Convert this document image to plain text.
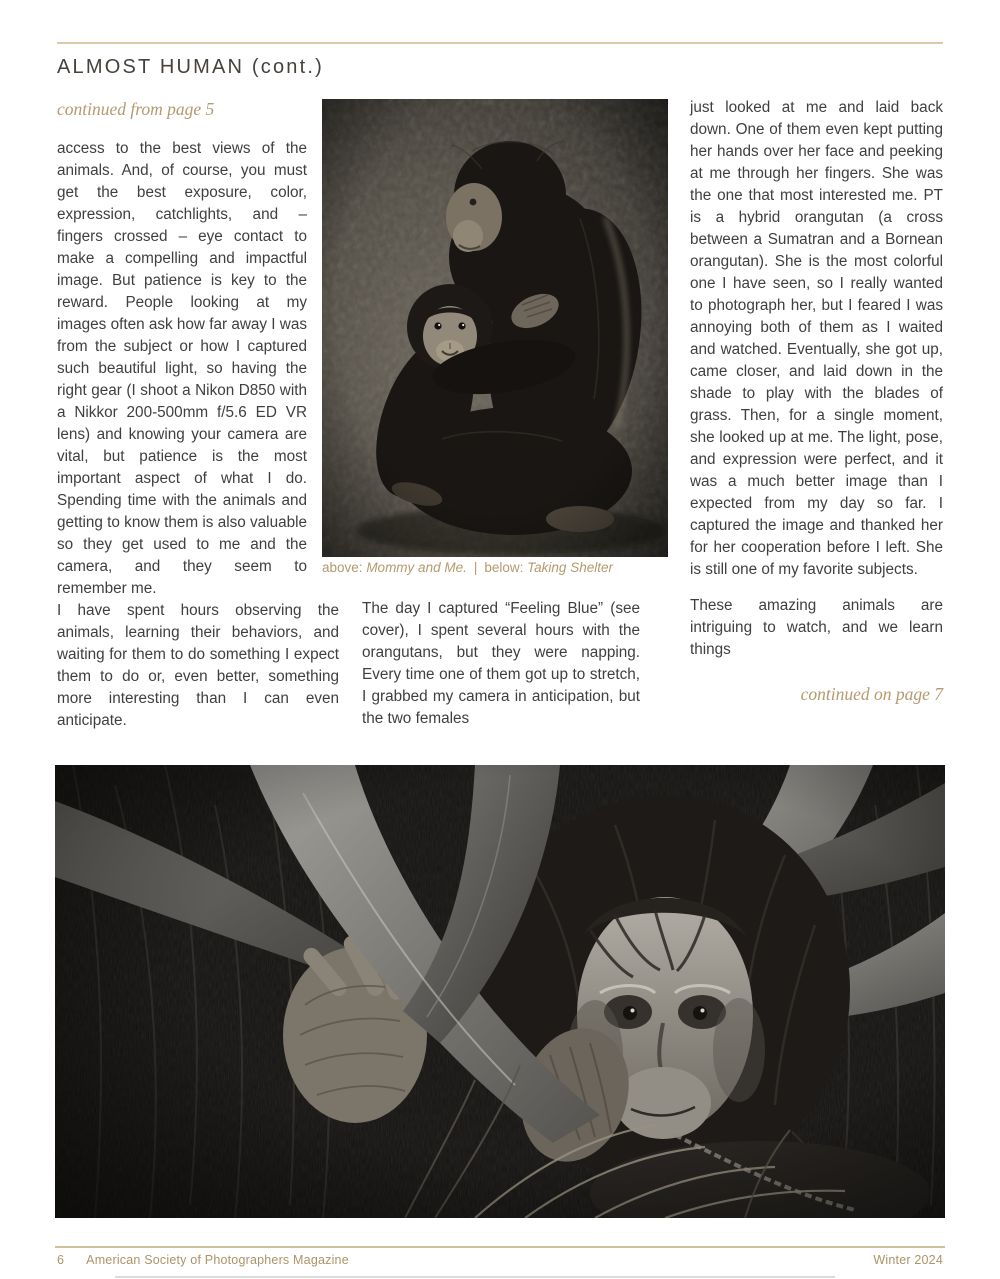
ALMOST HUMAN (cont.)
continued from page 5

access to the best views of the animals. And, of course, you must get the best exposure, color, expression, catchlights, and – fingers crossed – eye contact to make a compelling and impactful image. But patience is key to the reward. People looking at my images often ask how far away I was from the subject or how I captured such beautiful light, so having the right gear (I shoot a Nikon D850 with a Nikkor 200-500mm f/5.6 ED VR lens) and knowing your camera are vital, but patience is the most important aspect of what I do. Spending time with the animals and getting to know them is also valuable so they get used to me and the camera, and they seem to remember me.

I have spent hours observing the animals, learning their behaviors, and waiting for them to do something I expect them to do or, even better, something more interesting than I can even anticipate.

above: Mommy and Me. | below: Taking Shelter

The day I captured “Feeling Blue” (see cover), I spent several hours with the orangutans, but they were napping. Every time one of them got up to stretch, I grabbed my camera in anticipation, but the two females

just looked at me and laid back down. One of them even kept putting her hands over her face and peeking at me through her fingers. She was the one that most interested me. PT is a hybrid orangutan (a cross between a Sumatran and a Bornean orangutan). She is the most colorful one I have seen, so I really wanted to photograph her, but I feared I was annoying both of them as I waited and watched. Eventually, she got up, came closer, and laid down in the shade to play with the blades of grass. Then, for a single moment, she looked up at me. The light, pose, and expression were perfect, and it was a much better image than I expected from my day so far. I captured the image and thanked her for her cooperation before I left. She is still one of my favorite subjects.

These amazing animals are intriguing to watch, and we learn things

continued on page 7
6 American Society of Photographers Magazine	Winter 2024
